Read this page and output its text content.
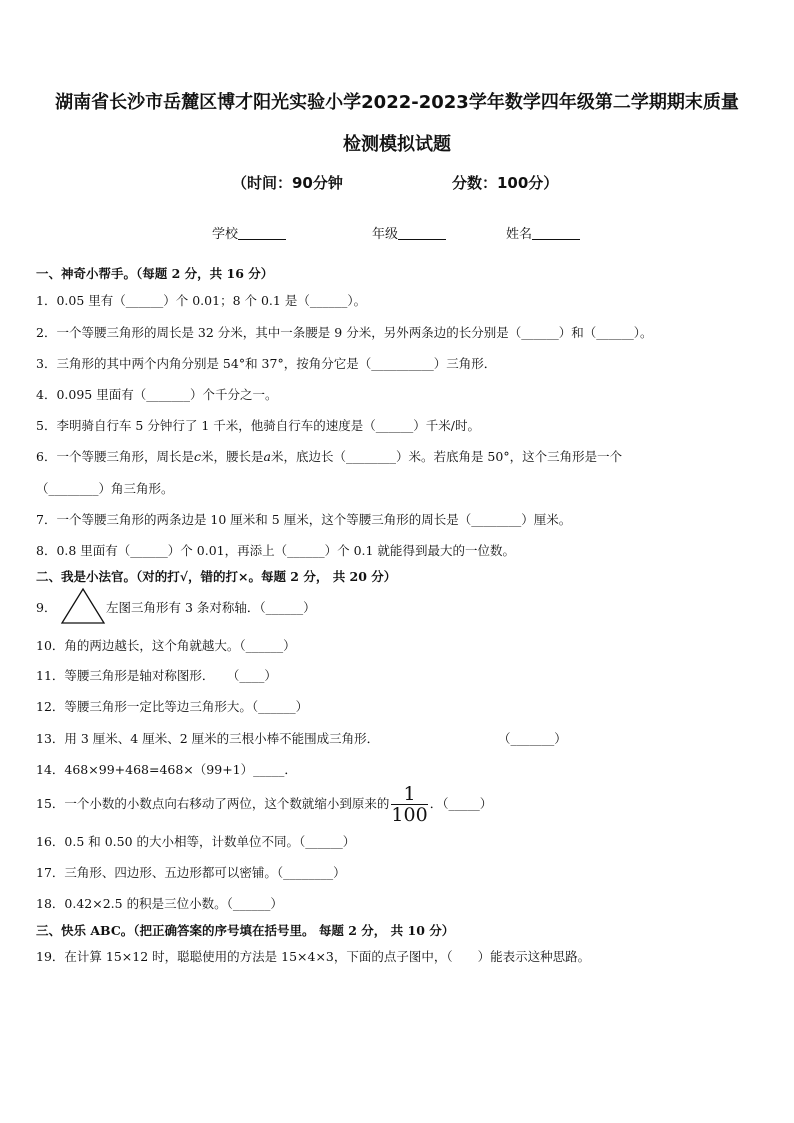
湖南省长沙市岳麓区博才阳光实验小学2022-2023学年数学四年级第二学期期末质量
检测模拟试题
（时间：90分钟	分数：100分）
学校	年级	姓名
一、神奇小帮手。（每题 2 分，共 16 分）
1．0.05 里有（______）个 0.01；8 个 0.1 是（______）。
2．一个等腰三角形的周长是 32 分米，其中一条腰是 9 分米，另外两条边的长分别是（______）和（______）。
3．三角形的其中两个内角分别是 54°和 37°，按角分它是（__________）三角形．
4．0.095 里面有（_______）个千分之一。
5．李明骑自行车 5 分钟行了 1 千米，他骑自行车的速度是（______）千米/时。
6．一个等腰三角形，周长是c米，腰长是a米，底边长（________）米。若底角是 50°，这个三角形是一个
（________）角三角形。
7．一个等腰三角形的两条边是 10 厘米和 5 厘米，这个等腰三角形的周长是（________）厘米。
8．0.8 里面有（______）个 0.01，再添上（______）个 0.1 就能得到最大的一位数。
二、我是小法官。（对的打√，错的打×。每题 2 分， 共 20 分）
9．	左图三角形有 3 条对称轴．（______）
10．角的两边越长，这个角就越大。（______）
11．等腰三角形是轴对称图形．　　（____）
12．等腰三角形一定比等边三角形大。（______）
13．用 3 厘米、4 厘米、2 厘米的三根小棒不能围成三角形．	（_______）
14．468×99+468=468×（99+1）_____．
15．一个小数的小数点向右移动了两位，这个数就缩小到原来的 $\frac{1}{100}$ ．（_____）
16．0.5 和 0.50 的大小相等，计数单位不同。（______）
17．三角形、四边形、五边形都可以密铺。（________）
18．0.42×2.5 的积是三位小数。（______）
三、快乐 ABC。（把正确答案的序号填在括号里。 每题 2 分， 共 10 分）
19．在计算 15×12 时，聪聪使用的方法是 15×4×3，下面的点子图中，（　　）能表示这种思路。
